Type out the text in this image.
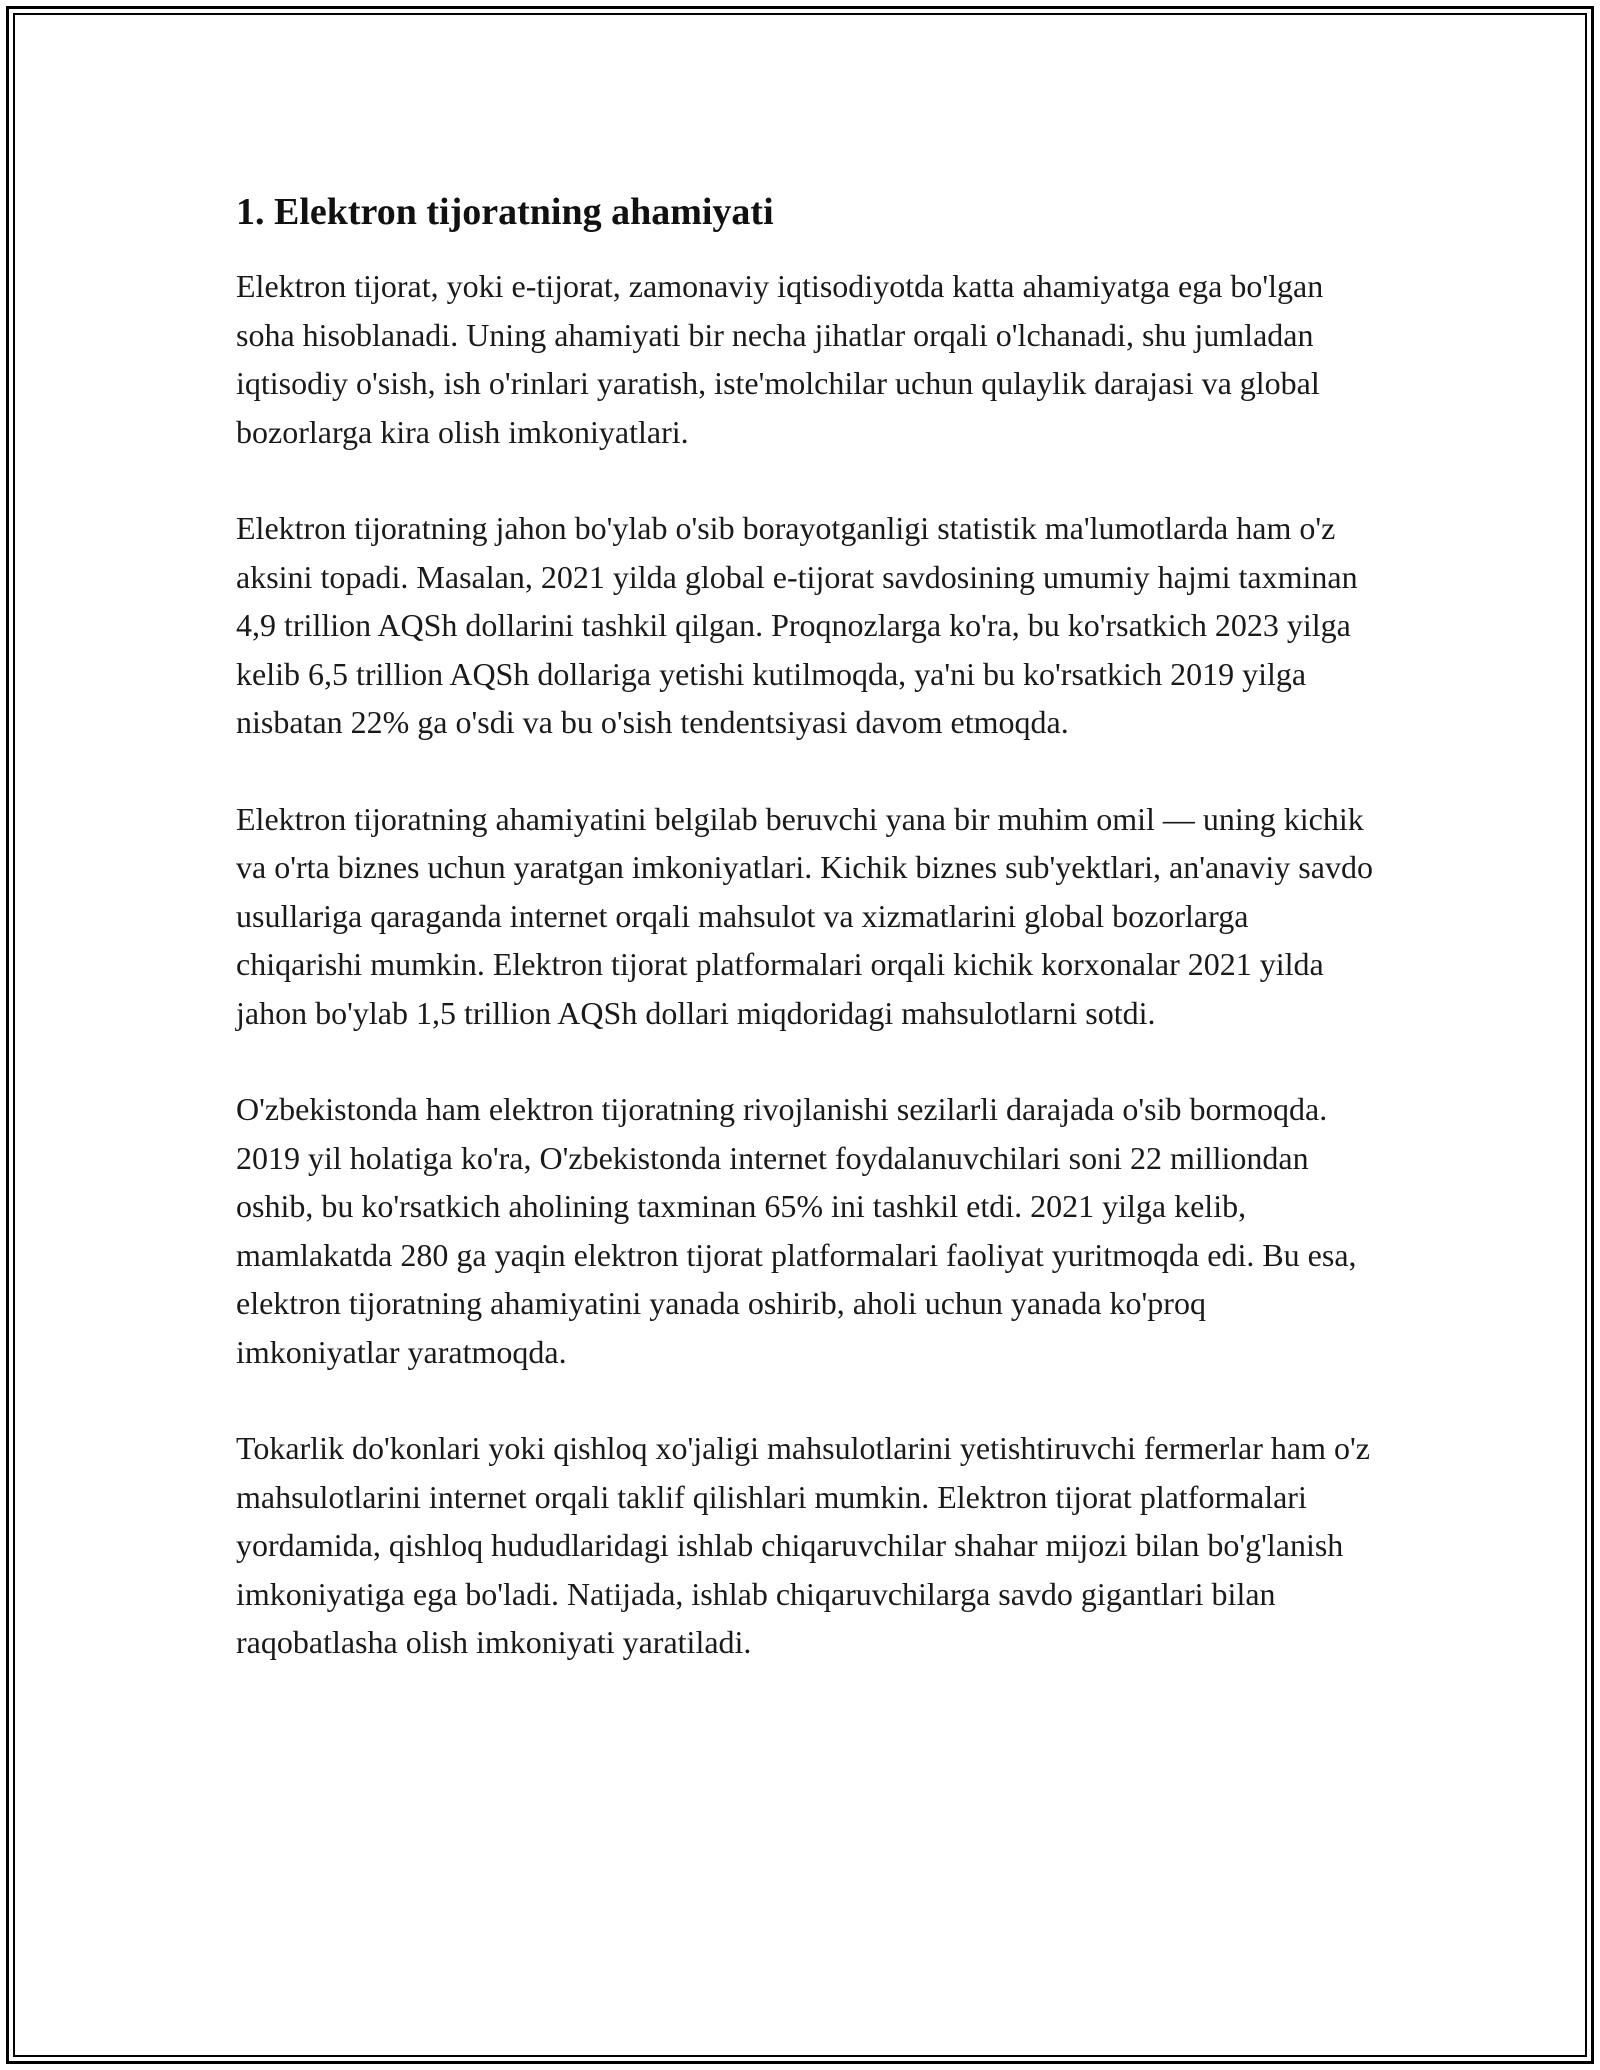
1. Elektron tijoratning ahamiyati

Elektron tijorat, yoki e-tijorat, zamonaviy iqtisodiyotda katta ahamiyatga ega bo'lgan soha hisoblanadi. Uning ahamiyati bir necha jihatlar orqali o'lchanadi, shu jumladan iqtisodiy o'sish, ish o'rinlari yaratish, iste'molchilar uchun qulaylik darajasi va global bozorlarga kira olish imkoniyatlari.

Elektron tijoratning jahon bo'ylab o'sib borayotganligi statistik ma'lumotlarda ham o'z aksini topadi. Masalan, 2021 yilda global e-tijorat savdosining umumiy hajmi taxminan 4,9 trillion AQSh dollarini tashkil qilgan. Proqnozlarga ko'ra, bu ko'rsatkich 2023 yilga kelib 6,5 trillion AQSh dollariga yetishi kutilmoqda, ya'ni bu ko'rsatkich 2019 yilga nisbatan 22% ga o'sdi va bu o'sish tendentsiyasi davom etmoqda.

Elektron tijoratning ahamiyatini belgilab beruvchi yana bir muhim omil — uning kichik va o'rta biznes uchun yaratgan imkoniyatlari. Kichik biznes sub'yektlari, an'anaviy savdo usullariga qaraganda internet orqali mahsulot va xizmatlarini global bozorlarga chiqarishi mumkin. Elektron tijorat platformalari orqali kichik korxonalar 2021 yilda jahon bo'ylab 1,5 trillion AQSh dollari miqdoridagi mahsulotlarni sotdi.

O'zbekistonda ham elektron tijoratning rivojlanishi sezilarli darajada o'sib bormoqda. 2019 yil holatiga ko'ra, O'zbekistonda internet foydalanuvchilari soni 22 milliondan oshib, bu ko'rsatkich aholining taxminan 65% ini tashkil etdi. 2021 yilga kelib, mamlakatda 280 ga yaqin elektron tijorat platformalari faoliyat yuritmoqda edi. Bu esa, elektron tijoratning ahamiyatini yanada oshirib, aholi uchun yanada ko'proq imkoniyatlar yaratmoqda.

Tokarlik do'konlari yoki qishloq xo'jaligi mahsulotlarini yetishtiruvchi fermerlar ham o'z mahsulotlarini internet orqali taklif qilishlari mumkin. Elektron tijorat platformalari yordamida, qishloq hududlaridagi ishlab chiqaruvchilar shahar mijozi bilan bo'g'lanish imkoniyatiga ega bo'ladi. Natijada, ishlab chiqaruvchilarga savdo gigantlari bilan raqobatlasha olish imkoniyati yaratiladi.
